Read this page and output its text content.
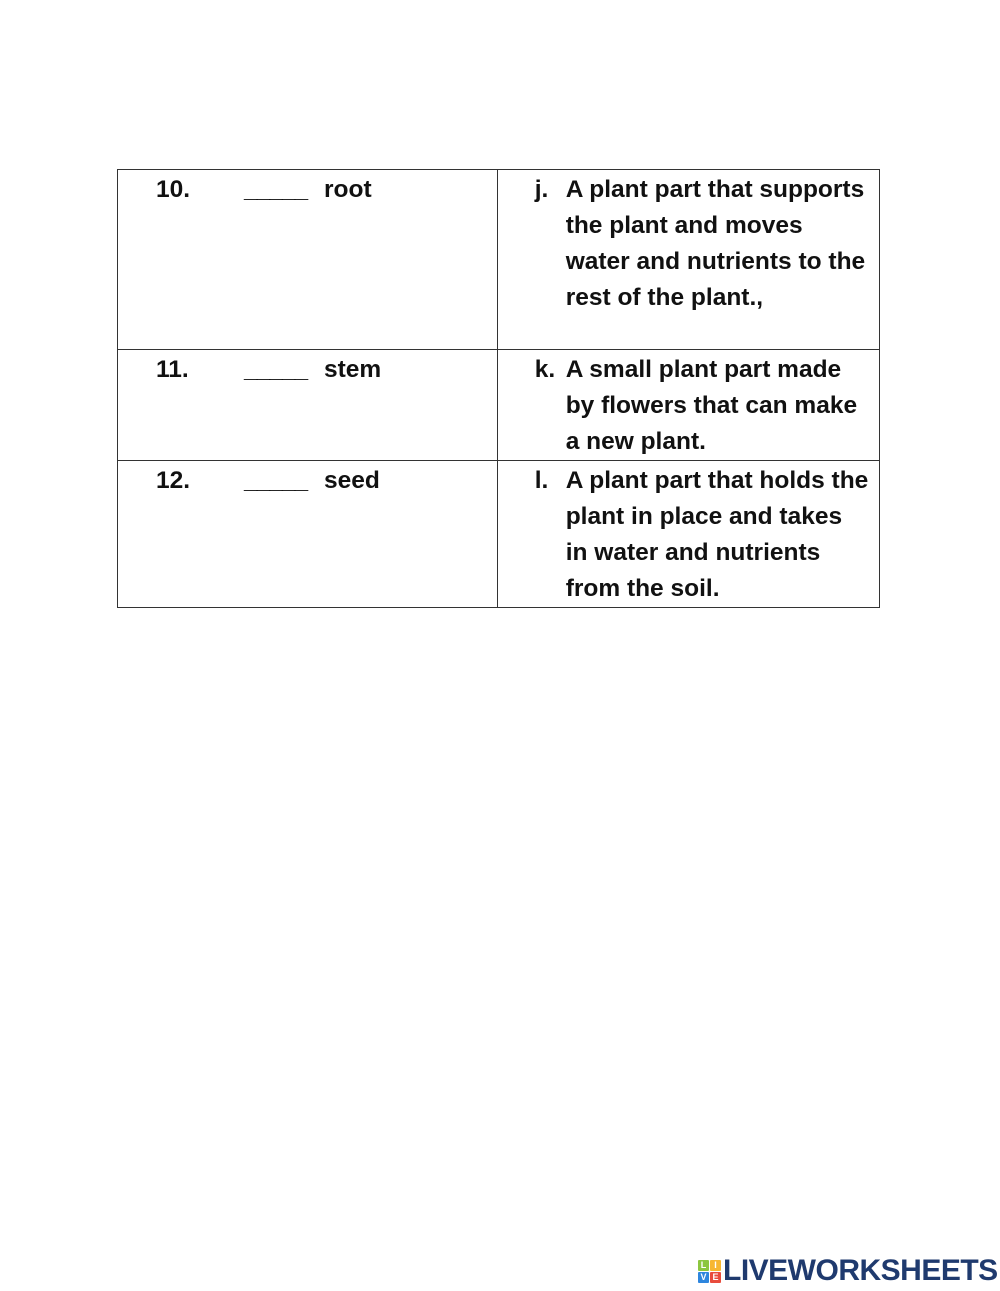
10. _____ root	j. A plant part that supports the plant and moves water and nutrients to the rest of the plant.,

11. _____ stem	k. A small plant part made by flowers that can make a new plant.

12. _____ seed	l. A plant part that holds the plant in place and takes in water and nutrients from the soil.
L I
V E LIVEWORKSHEETS
